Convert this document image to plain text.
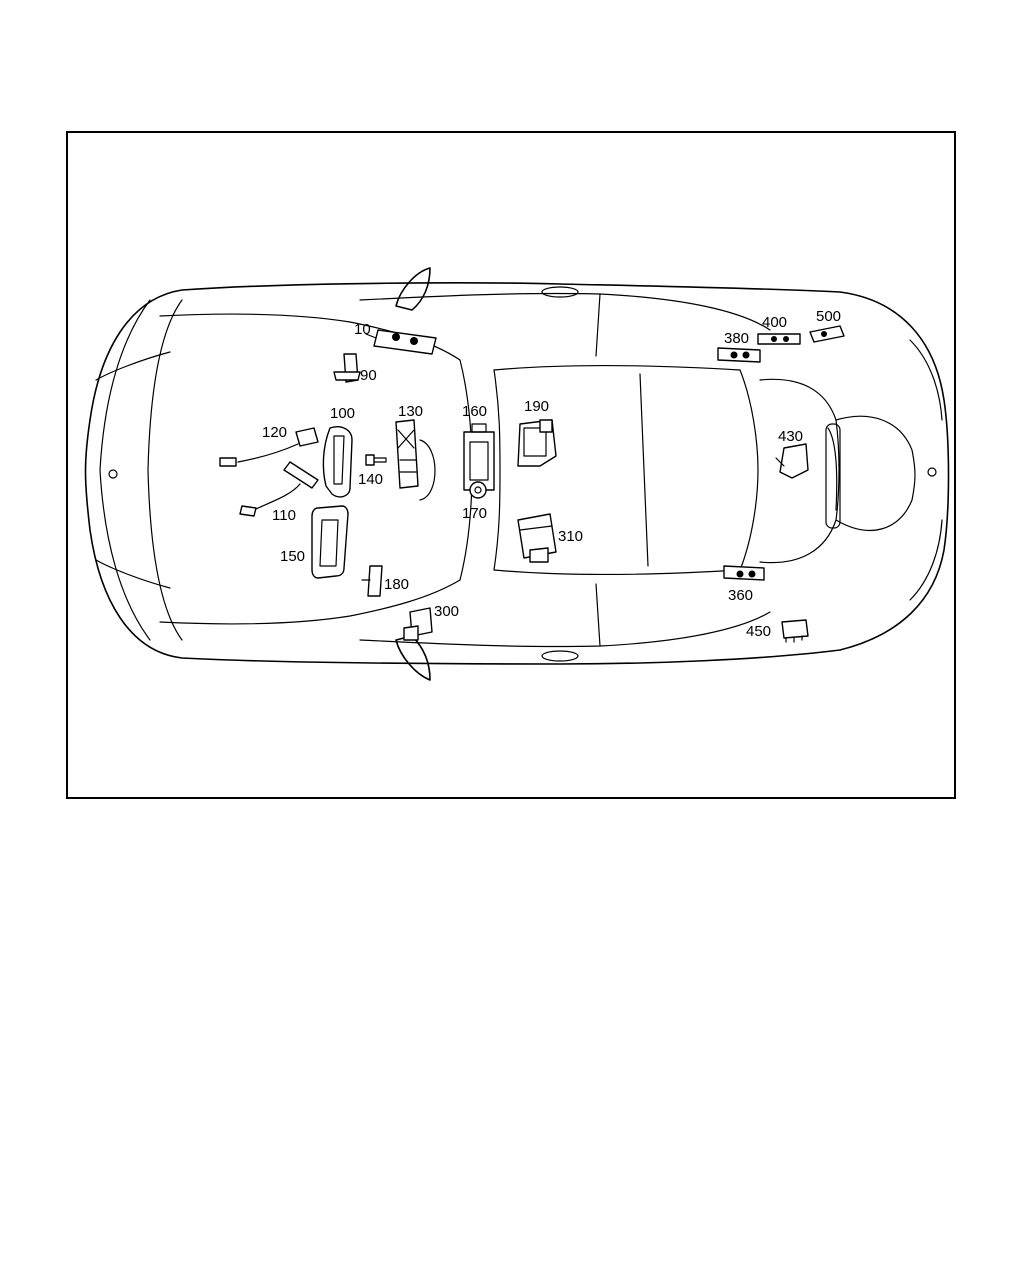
10
90
100
110
120
130
140
150
160
170
180
190
300
310
360
380
400
430
450
500
